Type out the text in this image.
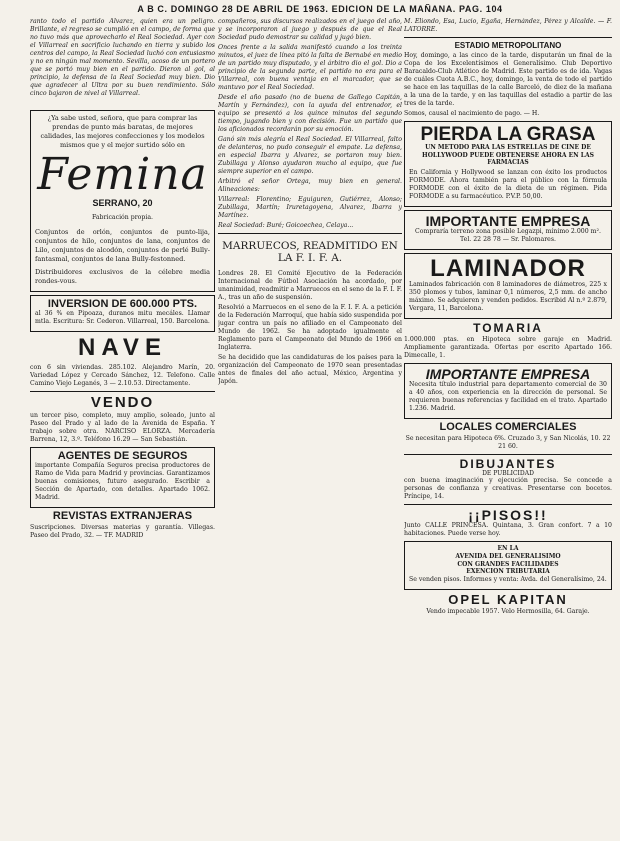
A B C. DOMINGO 28 DE ABRIL DE 1963. EDICION DE LA MAÑANA. PAG. 104

ranto todo el partido Alvarez, quien era un peligro. Brillante, el regreso se cumplió en el campo, de forma que no tuvo más que aprovecharlo el Real Sociedad. Ayer con el Villarreal en sacrificio luchando en tierra y subido los centros del campo, la Real Sociedad luchó con entusiasmo y no en ningún mal momento. Sevilla, acoso de un portero que se portó muy bien en el partido. Dieron al gol, al principio, la defensa de la Real Sociedad muy bien. Dio que agradecer al Ultra por su buen rendimiento. Sólo cinco bajaron de nivel al Villarreal.

¿Ya sabe usted, señora, que para comprar las prendas de punto más baratas, de mejores calidades, las mejores confecciones y los modelos mismos que y el mejor surtido sólo en

Femina
SERRANO, 20

Fabricación propia.

Conjuntos de orlón, conjuntos de punto-lija, conjuntos de hilo, conjuntos de lana, conjuntos de Lilo, conjuntos de alcodón, conjuntos de perlé Bully-fantasmal, conjuntos de lana Bully-festonned.

Distribuidores exclusivos de la célebre media rondes-vous.

INVERSION DE 600.000 PTS.

al 36 % en Pipoaza, duranos mitu mecáles. Llamar mtla. Escritura: Sr. Cederon. Villarreal, 150. Barcelona.

NAVE

con 6 sin viviendas. 285.102. Alejandro Marín, 20. Variedad López y Cercado Sánchez, 12. Telefono. Calle Camino Viejo Leganés, 3 — 2.10.53. Directamente.

VENDO

un tercer piso, completo, muy amplio, soleado, junto al Paseo del Prado y al lado de la Avenida de España. Y trabajo sobre otra. NARCISO ELORZA. Mercadería Barrena, 12, 3.º. Teléfono 16.29 — San Sebastián.

AGENTES DE SEGUROS

importante Compañía Seguros precisa productores de Ramo de Vida para Madrid y provincias. Garantizamos buenas comisiones, futuro asegurado. Escribir a Sección de Apartado, con detalles. Apartado 1062. Madrid.

REVISTAS EXTRANJERAS

Suscripciones. Diversas materias y garantía. Villegas. Paseo del Prado, 32. — TF. MADRID

compañeros, sus discursos realizados en el juego del año, y se incorporaron al juego y después de que el Real Sociedad pudo demostrar su calidad y jugó bien.

Onces frente a la salida manifestó cuando a los treinta minutos, el juez de línea pitó la falta de Bernabé en medio de un partido muy disputado, y el árbitro dio el gol. Dio a principio de la segunda parte, el partido no era para el Villarreal, con buena ventaja en el marcador, que se mantuvo por el Real Sociedad.

Desde el año pasado (no de buena de Gallego Capitán, Martín y Fernández), con la ayuda del entrenador, el equipo se presentó a los quince minutos del segundo tiempo, jugando bien y con decisión. Fue un partido que los aficionados recordarán por su emoción.

Ganó sin más alegría el Real Sociedad. El Villarreal, falto de delanteros, no pudo conseguir el empate. La defensa, en especial Ibarra y Alvarez, se portaron muy bien. Zubillaga y Alonso ayudaron mucho al equipo, que fue siempre superior en el campo.

Arbitró el señor Ortega, muy bien en general. Alineaciones:

Villarreal: Florentino; Eguiguren, Gutiérrez, Alonso; Zubillaga, Martín; Iruretagoyena, Alvarez, Ibarra y Martínez.

Real Sociedad: Buré; Goicoechea, Celaya...

MARRUECOS, READMITIDO EN LA F. I. F. A.

Londres 28. El Comité Ejecutivo de la Federación Internacional de Fútbol Asociación ha acordado, por unanimidad, readmitir a Marruecos en el seno de la F. I. F. A., tras un año de suspensión.

Resolvió a Marruecos en el seno de la F. I. F. A. a petición de la Federación Marroquí, que había sido suspendida por jugar contra un país no afiliado en el Campeonato del Mundo de 1962. Se ha adoptado igualmente el Reglamento para el Campeonato del Mundo de 1966 en Inglaterra.

Se ha decidido que las candidaturas de los países para la organización del Campeonato de 1970 sean presentadas antes de finales del año actual, México, Argentina y Japón.

M. Eliondo, Esa, Lucio, Egaña, Hernández, Pérez y Alcalde. — F. LATORRE.

ESTADIO METROPOLITANO

Hoy, domingo, a las cinco de la tarde, disputarán un final de la Copa de los Excelentísimos el Generalísimo. Club Deportivo Baracaldo-Club Atlético de Madrid. Este partido es de ida. Vagas de cuáles Cuota A.B.C., hoy, domingo, la venta de todo el partido se hace en las taquillas de la calle Barceló, de diez de la mañana a la una de la tarde, y en las taquillas del estadio a partir de las tres de la tarde.

Somos, causal el nacimiento de pago. — H.

PIERDA LA GRASA

UN METODO PARA LAS ESTRELLAS DE CINE DE HOLLYWOOD PUEDE OBTENERSE AHORA EN LAS FARMACIAS

En California y Hollywood se lanzan con éxito los productos FORMODE. Ahora también para el público con la fórmula FORMODE con el éxito de la dieta de un régimen. Pida FORMODE a su farmacéutico. P.V.P. 50,00.

IMPORTANTE EMPRESA

Compraría terreno zona posible Legazpi, mínimo 2.000 m². Tel. 22 28 78 — Sr. Palomares.

LAMINADOR

Laminados fabricación con 8 laminadores de diámetros, 225 x 350 plomos y tubos, laminar 0,1 números, 2,5 mm. de ancho máximo. Se adquieren y venden pedidos. Escribid Al n.º 2.879, Vergara, 11, Barcelona.

TOMARIA

1.000.000 ptas. en Hipoteca sobre garaje en Madrid. Ampliamente garantizada. Ofertas por escrito Apartado 166. Dimecalle, 1.

IMPORTANTE EMPRESA

Necesita título industrial para departamento comercial de 30 a 40 años, con experiencia en la dirección de personal. Se requieren buenas referencias y facilidad en el trato. Apartado 1.236. Madrid.

LOCALES COMERCIALES

Se necesitan para Hipoteca 6%. Cruzado 3, y San Nicolás, 10. 22 21 60.

DIBUJANTES
DE PUBLICIDAD

con buena imaginación y ejecución precisa. Se concede a personas de confianza y creativas. Presentarse con bocetos. Príncipe, 14.

¡¡PISOS!!

Junto CALLE PRINCESA. Quintana, 3. Gran confort. 7 a 10 habitaciones. Puede verse hoy.

EN LA
AVENIDA DEL GENERALISIMO
CON GRANDES FACILIDADES
EXENCION TRIBUTARIA

Se venden pisos. Informes y venta: Avda. del Generalísimo, 24.

OPEL KAPITAN

Vendo impecable 1957. Velo Hermosilla, 64. Garaje.
